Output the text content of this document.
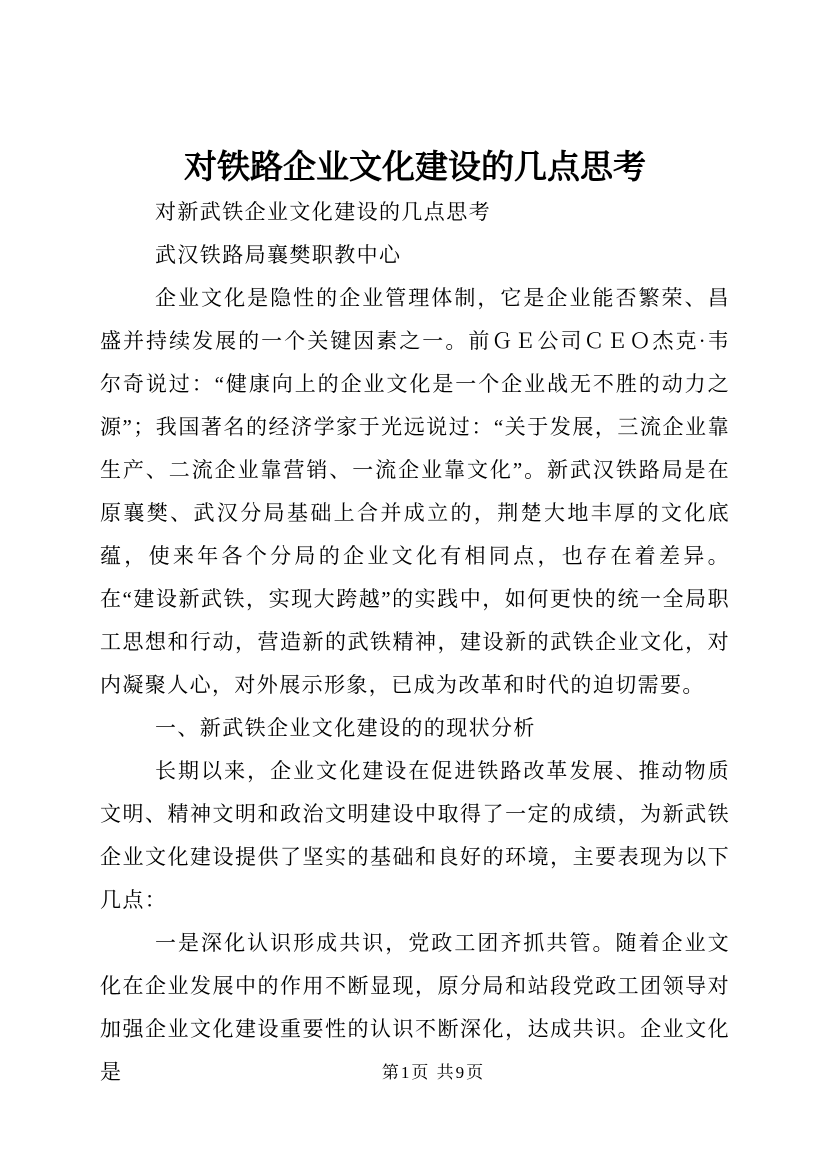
对铁路企业文化建设的几点思考

对新武铁企业文化建设的几点思考

武汉铁路局襄樊职教中心

企业文化是隐性的企业管理体制，它是企业能否繁荣、昌盛并持续发展的一个关键因素之一。前ＧＥ公司ＣＥＯ杰克·韦尔奇说过：“健康向上的企业文化是一个企业战无不胜的动力之源”；我国著名的经济学家于光远说过：“关于发展，三流企业靠生产、二流企业靠营销、一流企业靠文化”。新武汉铁路局是在原襄樊、武汉分局基础上合并成立的，荆楚大地丰厚的文化底蕴，使来年各个分局的企业文化有相同点，也存在着差异。在“建设新武铁，实现大跨越”的实践中，如何更快的统一全局职工思想和行动，营造新的武铁精神，建设新的武铁企业文化，对内凝聚人心，对外展示形象，已成为改革和时代的迫切需要。

一、新武铁企业文化建设的的现状分析

长期以来，企业文化建设在促进铁路改革发展、推动物质文明、精神文明和政治文明建设中取得了一定的成绩，为新武铁企业文化建设提供了坚实的基础和良好的环境，主要表现为以下几点：

一是深化认识形成共识，党政工团齐抓共管。随着企业文化在企业发展中的作用不断显现，原分局和站段党政工团领导对加强企业文化建设重要性的认识不断深化，达成共识。企业文化是	第1页 共9页
